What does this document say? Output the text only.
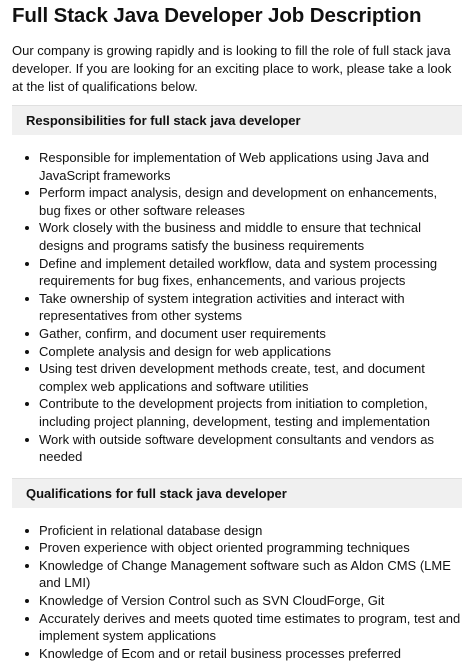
Full Stack Java Developer Job Description

Our company is growing rapidly and is looking to fill the role of full stack java developer. If you are looking for an exciting place to work, please take a look at the list of qualifications below.

Responsibilities for full stack java developer
Responsible for implementation of Web applications using Java and JavaScript frameworks
Perform impact analysis, design and development on enhancements, bug fixes or other software releases
Work closely with the business and middle to ensure that technical designs and programs satisfy the business requirements
Define and implement detailed workflow, data and system processing requirements for bug fixes, enhancements, and various projects
Take ownership of system integration activities and interact with representatives from other systems
Gather, confirm, and document user requirements
Complete analysis and design for web applications
Using test driven development methods create, test, and document complex web applications and software utilities
Contribute to the development projects from initiation to completion, including project planning, development, testing and implementation
Work with outside software development consultants and vendors as needed
Qualifications for full stack java developer
Proficient in relational database design
Proven experience with object oriented programming techniques
Knowledge of Change Management software such as Aldon CMS (LME and LMI)
Knowledge of Version Control such as SVN CloudForge, Git
Accurately derives and meets quoted time estimates to program, test and implement system applications
Knowledge of Ecom and or retail business processes preferred
